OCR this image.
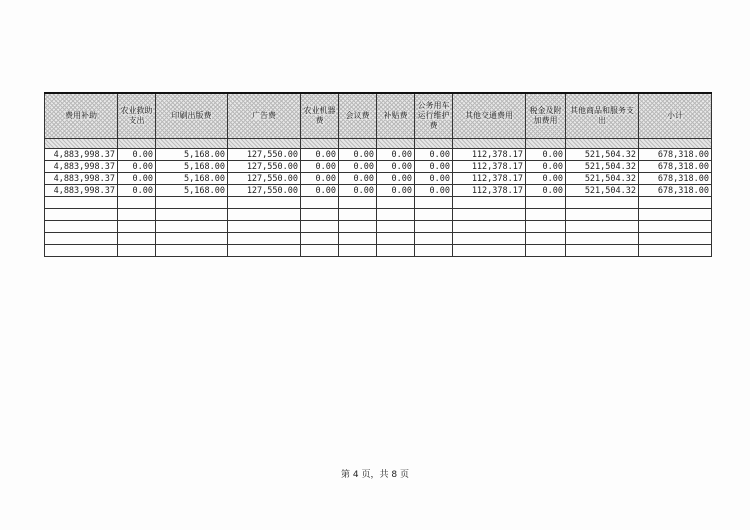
费用补助	农业救助支出	印刷出版费	广告费	农业机器费	会议费	补贴费	公务用车运行维护费	其他交通费用	税金及附加费用	其他商品和服务支出	小计

4,883,998.37	0.00	5,168.00	127,550.00	0.00	0.00	0.00	0.00	112,378.17	0.00	521,504.32	678,318.00
4,883,998.37	0.00	5,168.00	127,550.00	0.00	0.00	0.00	0.00	112,378.17	0.00	521,504.32	678,318.00
4,883,998.37	0.00	5,168.00	127,550.00	0.00	0.00	0.00	0.00	112,378.17	0.00	521,504.32	678,318.00
4,883,998.37	0.00	5,168.00	127,550.00	0.00	0.00	0.00	0.00	112,378.17	0.00	521,504.32	678,318.00

第 4 页，共 8 页
